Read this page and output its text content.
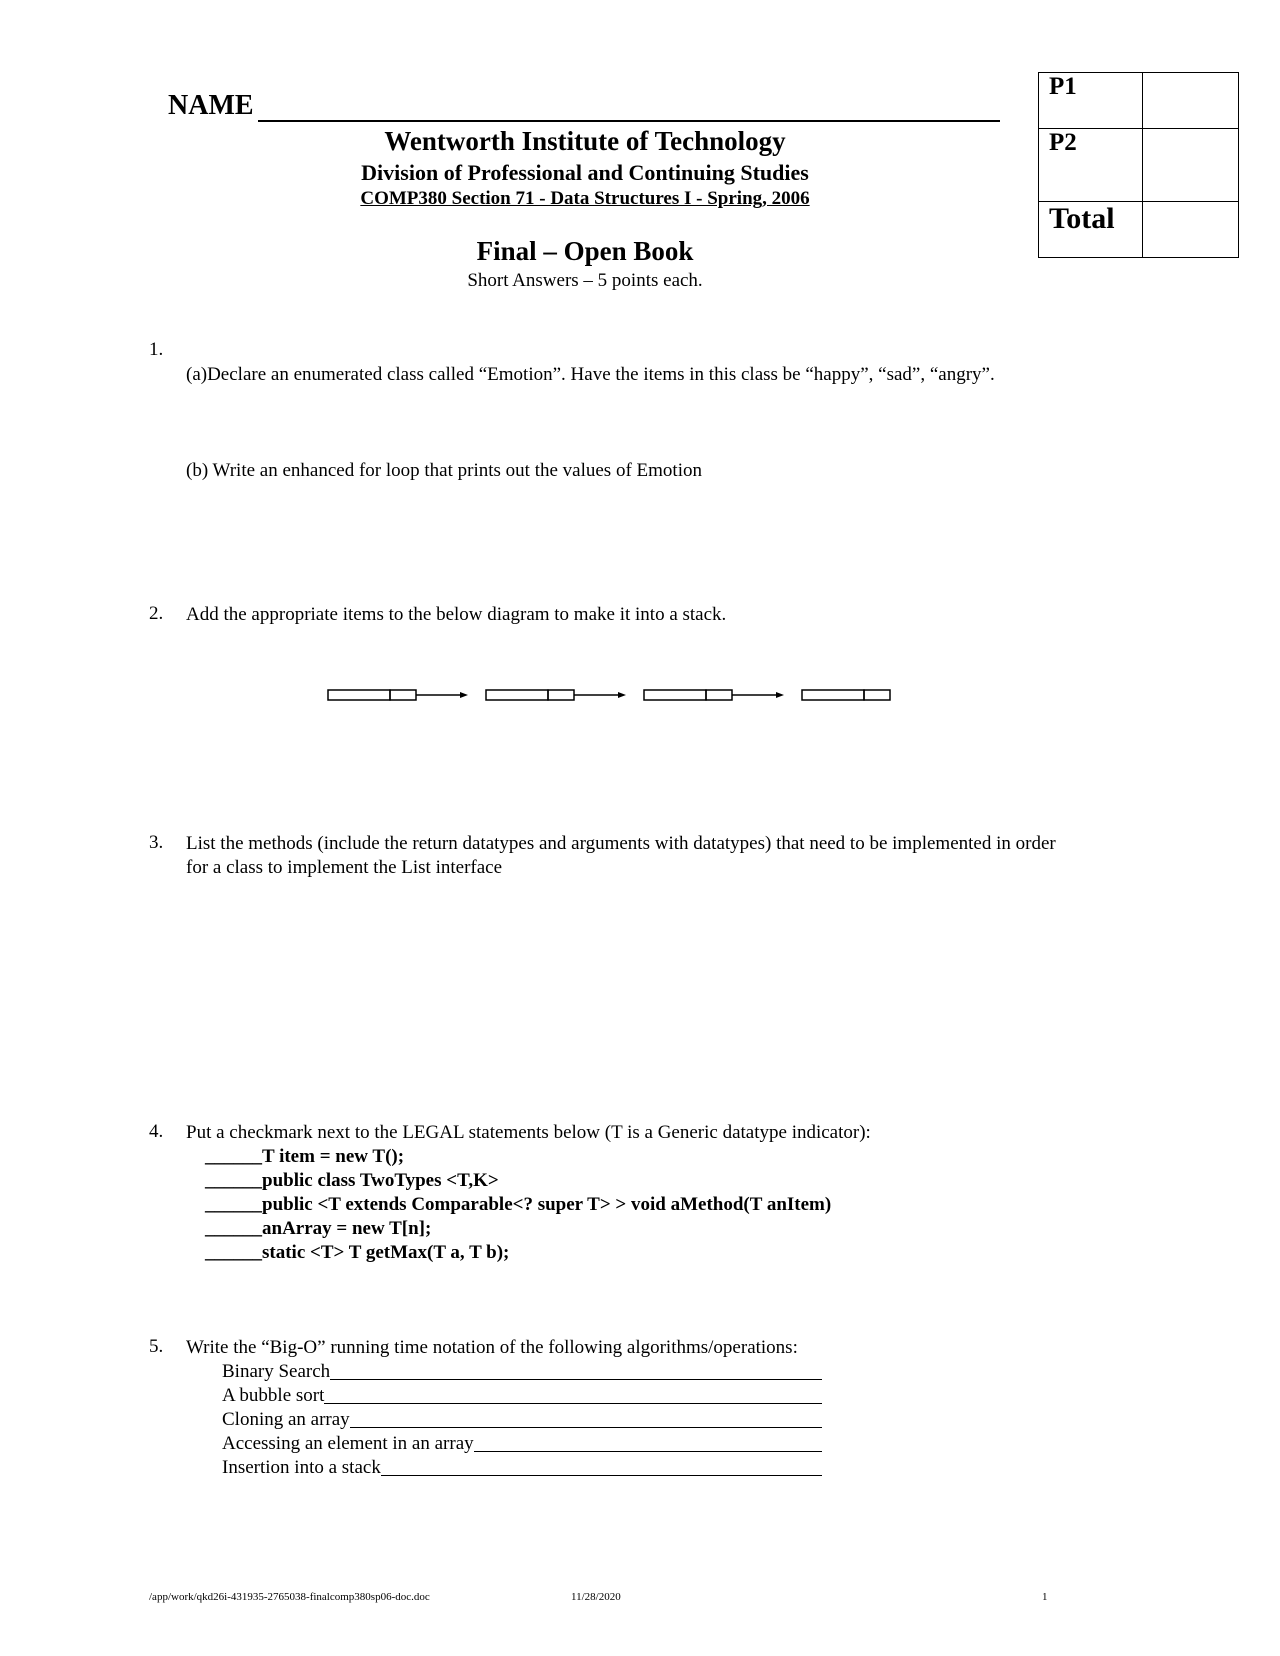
NAME
Wentworth Institute of Technology
Division of Professional and Continuing Studies
COMP380 Section 71 - Data Structures I - Spring, 2006
Final – Open Book
Short Answers – 5 points each.
P1	
P2	
Total	
1.
(a)Declare an enumerated class called “Emotion”. Have the items in this class be “happy”, “sad”, “angry”.
(b) Write an enhanced for loop that prints out the values of Emotion
2. Add the appropriate items to the below diagram to make it into a stack.
3. List the methods (include the return datatypes and arguments with datatypes) that need to be implemented in order
for a class to implement the List interface
4. Put a checkmark next to the LEGAL statements below (T is a Generic datatype indicator):
______T item = new T();
______public class TwoTypes <T,K>
______public <T extends Comparable<? super T> > void aMethod(T anItem)
______anArray = new T[n];
______static <T> T getMax(T a, T b);
5. Write the “Big-O” running time notation of the following algorithms/operations:
Binary Search
A bubble sort
Cloning an array
Accessing an element in an array
Insertion into a stack
/app/work/qkd26i-431935-2765038-finalcomp380sp06-doc.doc	11/28/2020	1
